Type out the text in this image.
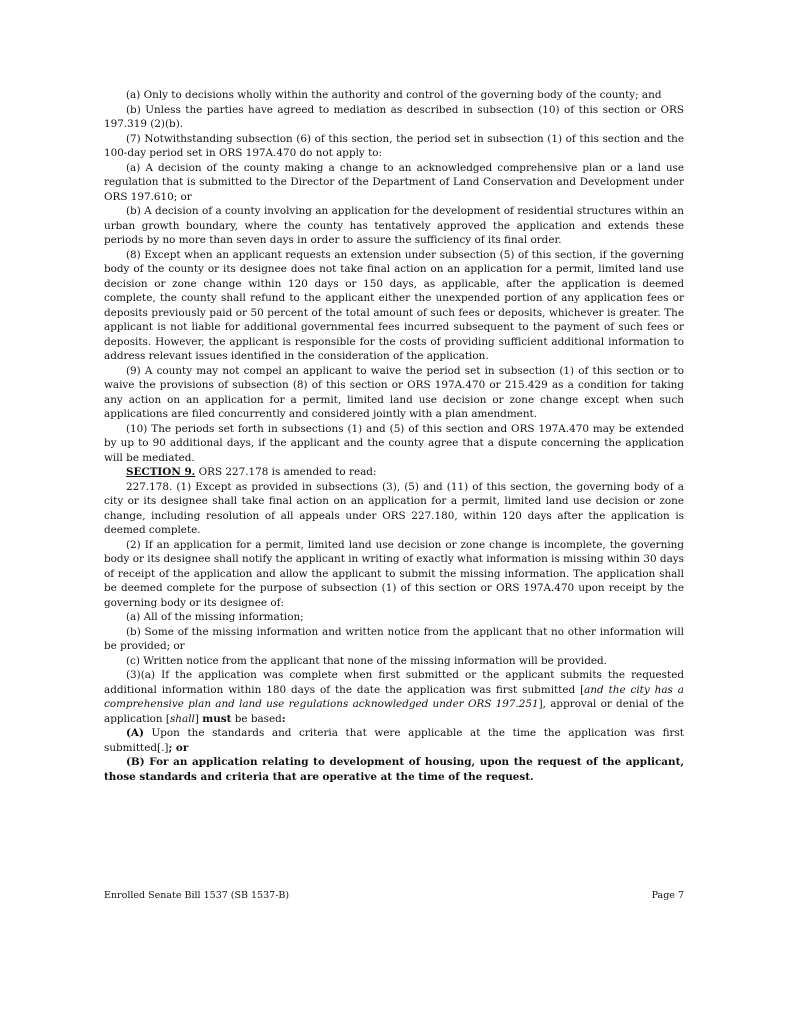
(a) Only to decisions wholly within the authority and control of the governing body of the county; and

(b) Unless the parties have agreed to mediation as described in subsection (10) of this section or ORS 197.319 (2)(b).

(7) Notwithstanding subsection (6) of this section, the period set in subsection (1) of this section and the 100-day period set in ORS 197A.470 do not apply to:

(a) A decision of the county making a change to an acknowledged comprehensive plan or a land use regulation that is submitted to the Director of the Department of Land Conservation and Development under ORS 197.610; or

(b) A decision of a county involving an application for the development of residential structures within an urban growth boundary, where the county has tentatively approved the application and extends these periods by no more than seven days in order to assure the sufficiency of its final order.

(8) Except when an applicant requests an extension under subsection (5) of this section, if the governing body of the county or its designee does not take final action on an application for a permit, limited land use decision or zone change within 120 days or 150 days, as applicable, after the application is deemed complete, the county shall refund to the applicant either the unexpended portion of any application fees or deposits previously paid or 50 percent of the total amount of such fees or deposits, whichever is greater. The applicant is not liable for additional governmental fees incurred subsequent to the payment of such fees or deposits. However, the applicant is responsible for the costs of providing sufficient additional information to address relevant issues identified in the consideration of the application.

(9) A county may not compel an applicant to waive the period set in subsection (1) of this section or to waive the provisions of subsection (8) of this section or ORS 197A.470 or 215.429 as a condition for taking any action on an application for a permit, limited land use decision or zone change except when such applications are filed concurrently and considered jointly with a plan amendment.

(10) The periods set forth in subsections (1) and (5) of this section and ORS 197A.470 may be extended by up to 90 additional days, if the applicant and the county agree that a dispute concerning the application will be mediated.

SECTION 9. ORS 227.178 is amended to read:

227.178. (1) Except as provided in subsections (3), (5) and (11) of this section, the governing body of a city or its designee shall take final action on an application for a permit, limited land use decision or zone change, including resolution of all appeals under ORS 227.180, within 120 days after the application is deemed complete.

(2) If an application for a permit, limited land use decision or zone change is incomplete, the governing body or its designee shall notify the applicant in writing of exactly what information is missing within 30 days of receipt of the application and allow the applicant to submit the missing information. The application shall be deemed complete for the purpose of subsection (1) of this section or ORS 197A.470 upon receipt by the governing body or its designee of:

(a) All of the missing information;

(b) Some of the missing information and written notice from the applicant that no other information will be provided; or

(c) Written notice from the applicant that none of the missing information will be provided.

(3)(a) If the application was complete when first submitted or the applicant submits the requested additional information within 180 days of the date the application was first submitted [and the city has a comprehensive plan and land use regulations acknowledged under ORS 197.251], approval or denial of the application [shall] must be based:

(A) Upon the standards and criteria that were applicable at the time the application was first submitted[.]; or

(B) For an application relating to development of housing, upon the request of the applicant, those standards and criteria that are operative at the time of the request.

Enrolled Senate Bill 1537 (SB 1537-B)	Page 7
